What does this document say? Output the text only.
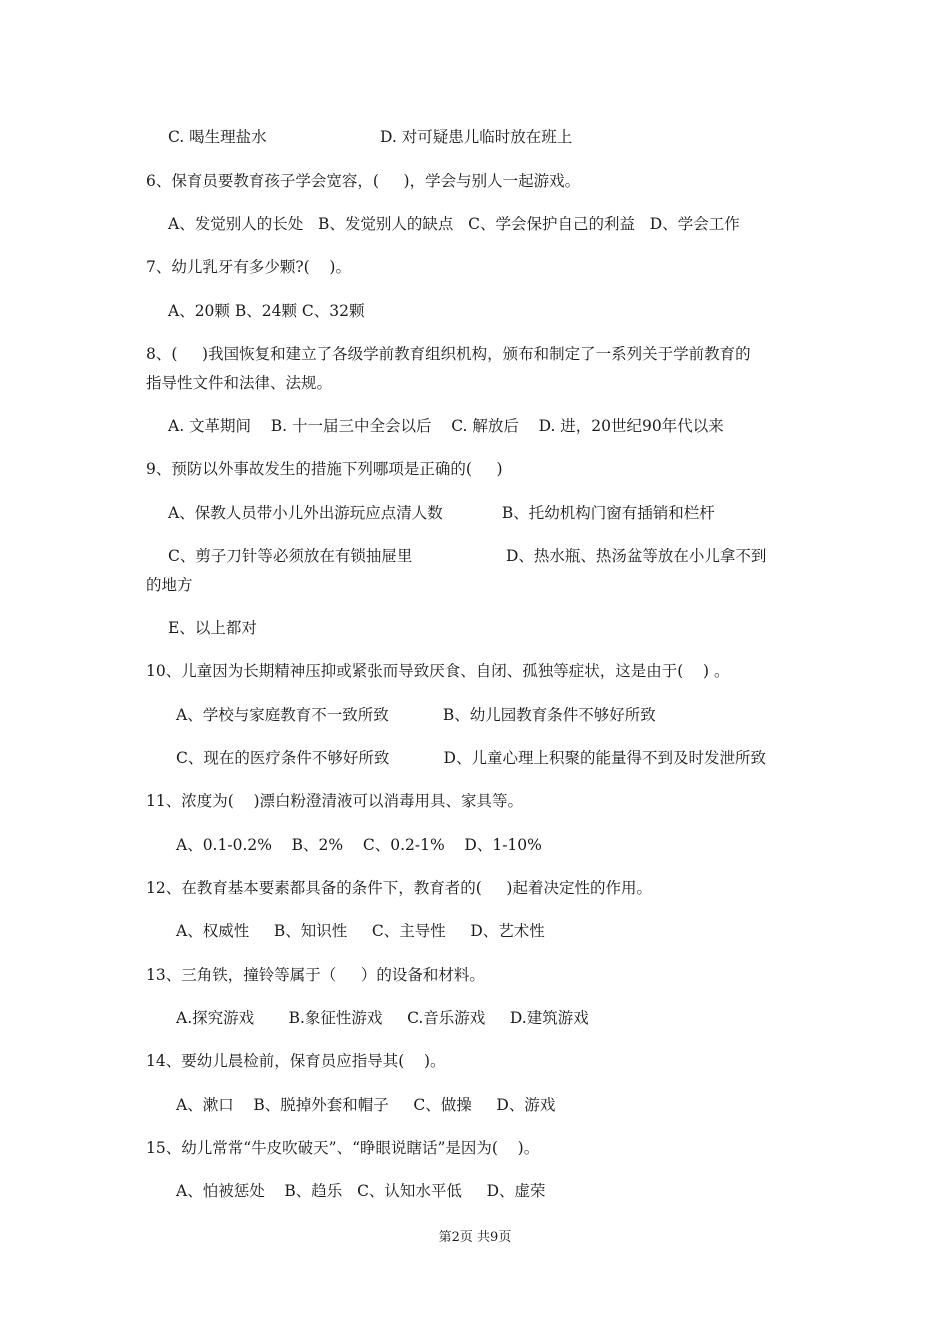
C. 喝生理盐水                       D. 对可疑患儿临时放在班上
6、保育员要教育孩子学会宽容，(     )，学会与别人一起游戏。
A、发觉别人的长处   B、发觉别人的缺点   C、学会保护自己的利益   D、学会工作
7、幼儿乳牙有多少颗?(    )。
A、20颗 B、24颗 C、32颗
8、(     )我国恢复和建立了各级学前教育组织机构，颁布和制定了一系列关于学前教育的
指导性文件和法律、法规。
A. 文革期间    B. 十一届三中全会以后    C. 解放后    D. 进，20世纪90年代以来
9、预防以外事故发生的措施下列哪项是正确的(     )
A、保教人员带小儿外出游玩应点清人数            B、托幼机构门窗有插销和栏杆
C、剪子刀针等必须放在有锁抽屉里                   D、热水瓶、热汤盆等放在小儿拿不到
的地方
E、以上都对
10、儿童因为长期精神压抑或紧张而导致厌食、自闭、孤独等症状，这是由于(    ) 。
A、学校与家庭教育不一致所致           B、幼儿园教育条件不够好所致
C、现在的医疗条件不够好所致           D、儿童心理上积聚的能量得不到及时发泄所致
11、浓度为(    )漂白粉澄清液可以消毒用具、家具等。
A、0.1-0.2%    B、2%    C、0.2-1%    D、1-10%
12、在教育基本要素都具备的条件下，教育者的(     )起着决定性的作用。
A、权威性     B、知识性     C、主导性     D、艺术性
13、三角铁，撞铃等属于（     ）的设备和材料。
A.探究游戏       B.象征性游戏     C.音乐游戏     D.建筑游戏
14、要幼儿晨检前，保育员应指导其(    )。
A、漱口    B、脱掉外套和帽子     C、做操     D、游戏
15、幼儿常常“牛皮吹破天”、“睁眼说瞎话”是因为(    )。
A、怕被惩处    B、趋乐   C、认知水平低     D、虚荣
第2页 共9页
